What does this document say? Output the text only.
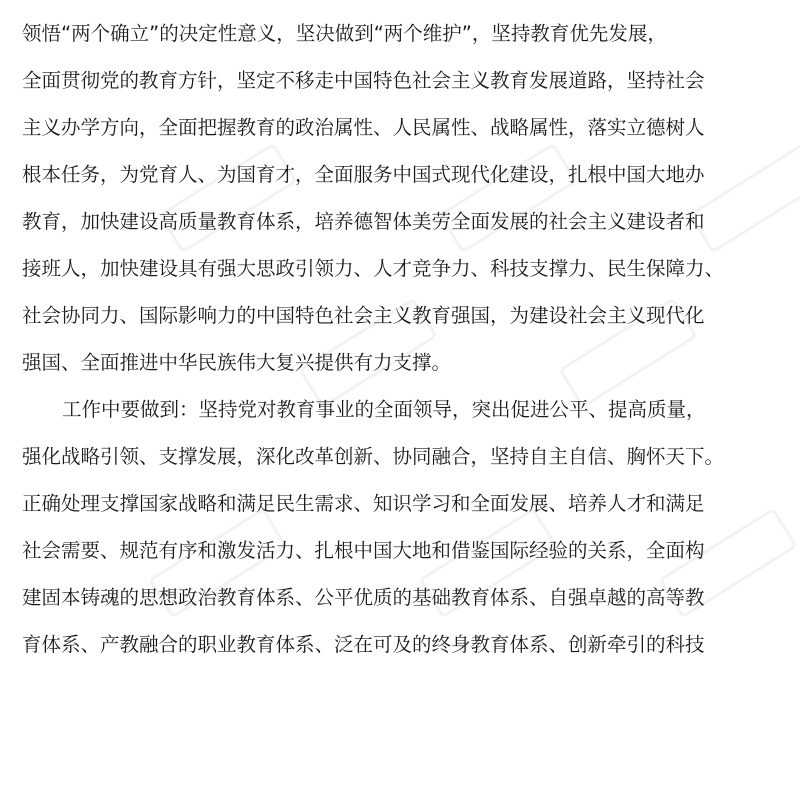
领悟“两个确立”的决定性意义，坚决做到“两个维护”，坚持教育优先发展，
全面贯彻党的教育方针，坚定不移走中国特色社会主义教育发展道路，坚持社会
主义办学方向，全面把握教育的政治属性、人民属性、战略属性，落实立德树人
根本任务，为党育人、为国育才，全面服务中国式现代化建设，扎根中国大地办
教育，加快建设高质量教育体系，培养德智体美劳全面发展的社会主义建设者和
接班人，加快建设具有强大思政引领力、人才竞争力、科技支撑力、民生保障力、
社会协同力、国际影响力的中国特色社会主义教育强国，为建设社会主义现代化
强国、全面推进中华民族伟大复兴提供有力支撑。
工作中要做到：坚持党对教育事业的全面领导，突出促进公平、提高质量，
强化战略引领、支撑发展，深化改革创新、协同融合，坚持自主自信、胸怀天下。
正确处理支撑国家战略和满足民生需求、知识学习和全面发展、培养人才和满足
社会需要、规范有序和激发活力、扎根中国大地和借鉴国际经验的关系，全面构
建固本铸魂的思想政治教育体系、公平优质的基础教育体系、自强卓越的高等教
育体系、产教融合的职业教育体系、泛在可及的终身教育体系、创新牵引的科技
